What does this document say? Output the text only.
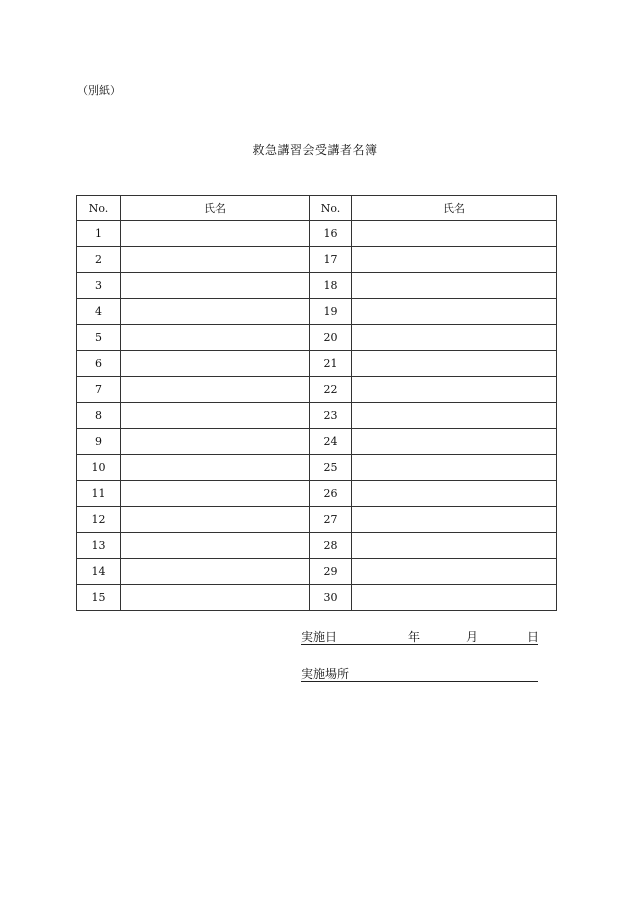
（別紙）
救急講習会受講者名簿
No.	氏名	No.	氏名
1		16	
2		17	
3		18	
4		19	
5		20	
6		21	
7		22	
8		23	
9		24	
10		25	
11		26	
12		27	
13		28	
14		29	
15		30	
実施日	年	月	日
実施場所
